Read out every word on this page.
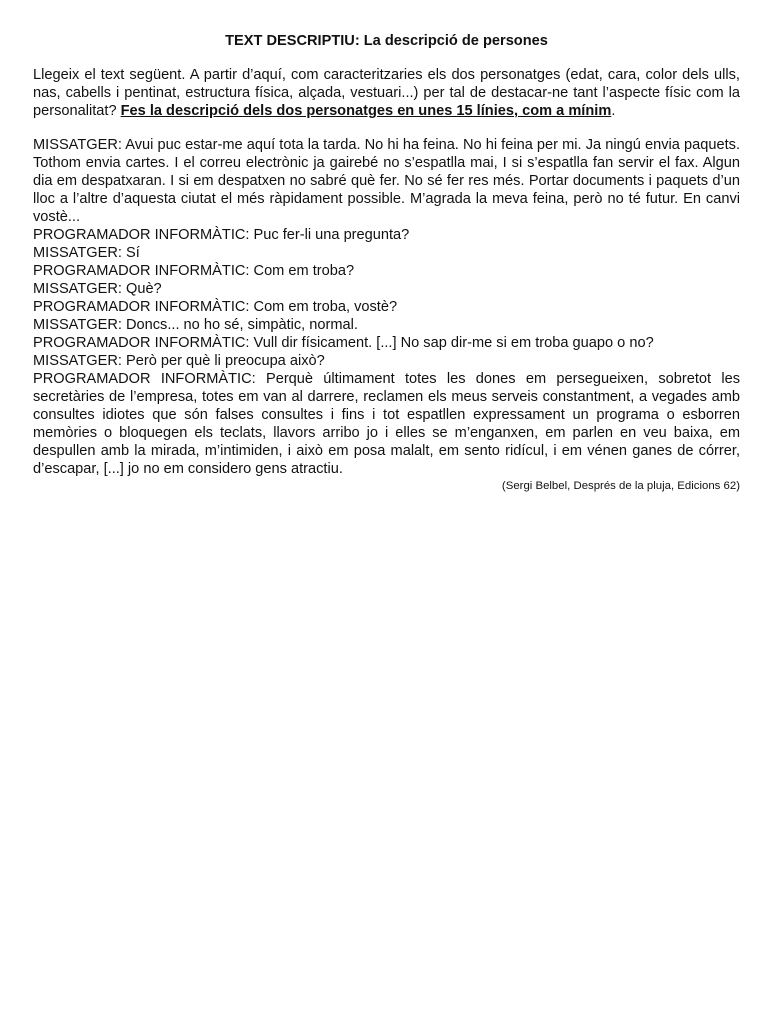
TEXT DESCRIPTIU: La descripció de persones

Llegeix el text següent. A partir d’aquí, com caracteritzaries els dos personatges (edat, cara, color dels ulls, nas, cabells i pentinat, estructura física, alçada, vestuari...) per tal de destacar-ne tant l’aspecte físic com la personalitat? Fes la descripció dels dos personatges en unes 15 línies, com a mínim.

MISSATGER: Avui puc estar-me aquí tota la tarda. No hi ha feina. No hi feina per mi. Ja ningú envia paquets. Tothom envia cartes. I el correu electrònic ja gairebé no s’espatlla mai, I si s’espatlla fan servir el fax. Algun dia em despatxaran. I si em despatxen no sabré què fer. No sé fer res més. Portar documents i paquets d’un lloc a l’altre d’aquesta ciutat el més ràpidament possible. M’agrada la meva feina, però no té futur. En canvi vostè...

PROGRAMADOR INFORMÀTIC: Puc fer-li una pregunta?

MISSATGER: Sí

PROGRAMADOR INFORMÀTIC: Com em troba?

MISSATGER: Què?

PROGRAMADOR INFORMÀTIC: Com em troba, vostè?

MISSATGER: Doncs... no ho sé, simpàtic, normal.

PROGRAMADOR INFORMÀTIC: Vull dir físicament. [...] No sap dir-me si em troba guapo o no?

MISSATGER: Però per què li preocupa això?

PROGRAMADOR INFORMÀTIC: Perquè últimament totes les dones em persegueixen, sobretot les secretàries de l’empresa, totes em van al darrere, reclamen els meus serveis constantment, a vegades amb consultes idiotes que són falses consultes i fins i tot espatllen expressament un programa o esborren memòries o bloquegen els teclats, llavors arribo jo i elles se m’enganxen, em parlen en veu baixa, em despullen amb la mirada, m’intimiden, i això em posa malalt, em sento ridícul, i em vénen ganes de córrer, d’escapar, [...] jo no em considero gens atractiu.

(Sergi Belbel, Després de la pluja, Edicions 62)
